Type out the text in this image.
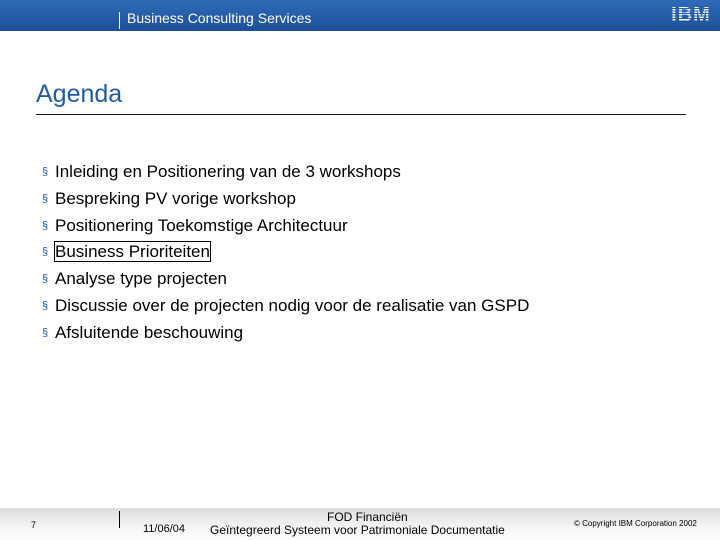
Business Consulting Services	IBM
Agenda
§ Inleiding en Positionering van de 3 workshops
§ Bespreking PV vorige workshop
§ Positionering Toekomstige Architectuur
§ Business Prioriteiten
§ Analyse type projecten
§ Discussie over de projecten nodig voor de realisatie van GSPD
§ Afsluitende beschouwing
7	11/06/04
FOD Financiën
Geïntegreerd Systeem voor Patrimoniale Documentatie	© Copyright IBM Corporation 2002
